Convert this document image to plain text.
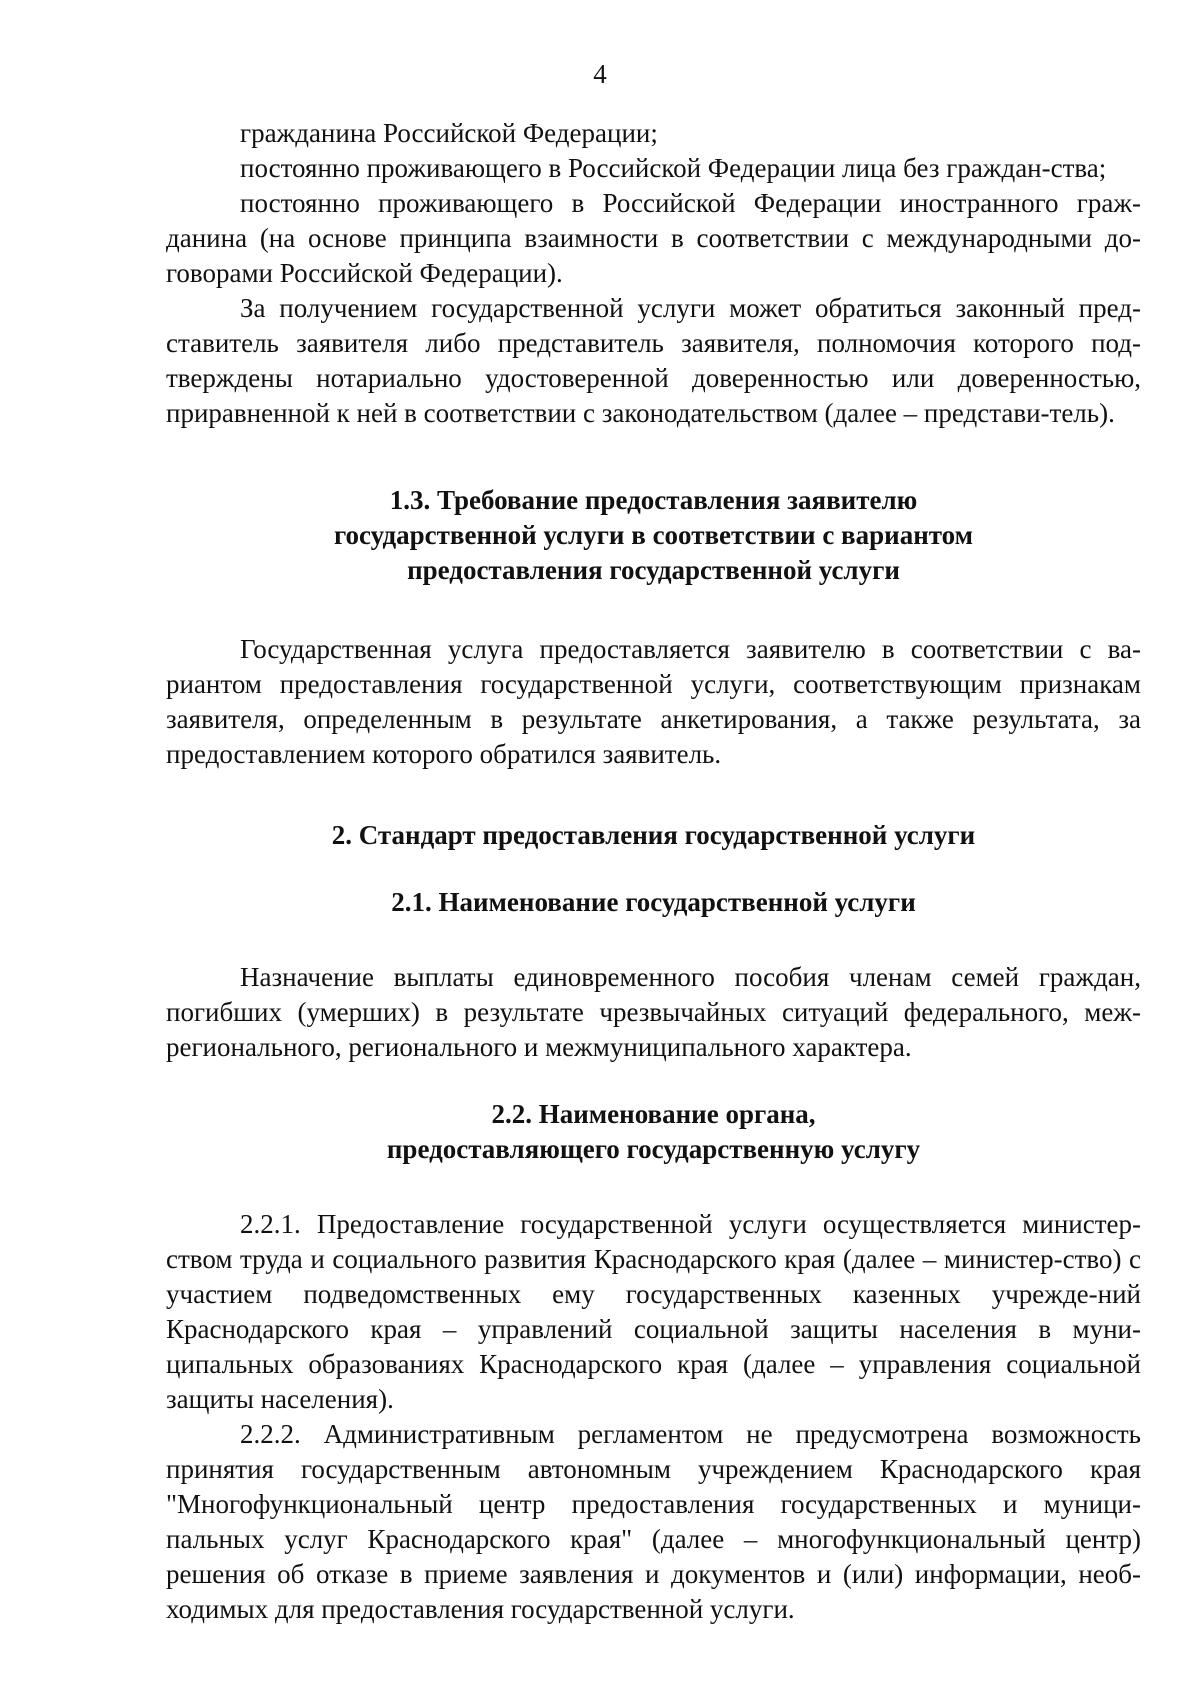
4

гражданина Российской Федерации;

постоянно проживающего в Российской Федерации лица без граждан-ства;

постоянно проживающего в Российской Федерации иностранного граж-данина (на основе принципа взаимности в соответствии с международными до-говорами Российской Федерации).

За получением государственной услуги может обратиться законный пред-ставитель заявителя либо представитель заявителя, полномочия которого под-тверждены нотариально удостоверенной доверенностью или доверенностью, приравненной к ней в соответствии с законодательством (далее – представи-тель).

1.3. Требование предоставления заявителю
государственной услуги в соответствии с вариантом
предоставления государственной услуги

Государственная услуга предоставляется заявителю в соответствии с ва-риантом предоставления государственной услуги, соответствующим признакам заявителя, определенным в результате анкетирования, а также результата, за предоставлением которого обратился заявитель.

2. Стандарт предоставления государственной услуги
2.1. Наименование государственной услуги

Назначение выплаты единовременного пособия членам семей граждан, погибших (умерших) в результате чрезвычайных ситуаций федерального, меж-регионального, регионального и межмуниципального характера.

2.2. Наименование органа,
предоставляющего государственную услугу

2.2.1. Предоставление государственной услуги осуществляется министер-ством труда и социального развития Краснодарского края (далее – министер-ство) с участием подведомственных ему государственных казенных учрежде-ний Краснодарского края – управлений социальной защиты населения в муни-ципальных образованиях Краснодарского края (далее – управления социальной защиты населения).

2.2.2. Административным регламентом не предусмотрена возможность принятия государственным автономным учреждением Краснодарского края "Многофункциональный центр предоставления государственных и муници-пальных услуг Краснодарского края" (далее – многофункциональный центр) решения об отказе в приеме заявления и документов и (или) информации, необ-ходимых для предоставления государственной услуги.
